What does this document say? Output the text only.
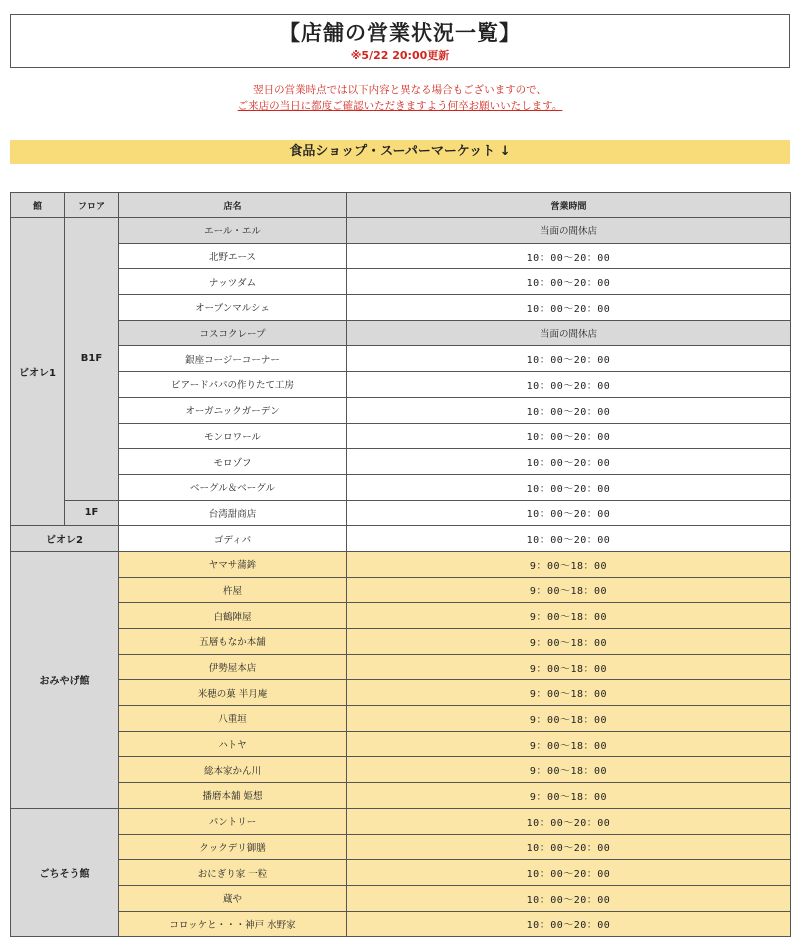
【店舗の営業状況一覧】
※5/22 20:00更新
翌日の営業時点では以下内容と異なる場合もございますので、
ご来店の当日に都度ご確認いただきますよう何卒お願いいたします。
食品ショップ・スーパーマーケット ↓
館	フロア	店名	営業時間
ビオレ1	B1F	エール・エル	当面の間休店
		北野エース	10：00～20：00
		ナッツダム	10：00～20：00
		オーブンマルシェ	10：00～20：00
		コスコクレープ	当面の間休店
		銀座コージーコーナー	10：00～20：00
		ビアードパパの作りたて工房	10：00～20：00
		オーガニックガーデン	10：00～20：00
		モンロワール	10：00～20：00
		モロゾフ	10：00～20：00
		ベーグル＆ベーグル	10：00～20：00
	1F	台湾甜商店	10：00～20：00
ビオレ2		ゴディバ	10：00～20：00
おみやげ館		ヤマサ蒲鉾	9：00～18：00
		杵屋	9：00～18：00
		白鶴陣屋	9：00～18：00
		五層もなか本舗	9：00～18：00
		伊勢屋本店	9：00～18：00
		米穂の菓 半月庵	9：00～18：00
		八重垣	9：00～18：00
		ハトヤ	9：00～18：00
		総本家かん川	9：00～18：00
		播磨本舗 姫想	9：00～18：00
ごちそう館		パントリー	10：00～20：00
		クックデリ御膳	10：00～20：00
		おにぎり家 一粒	10：00～20：00
		蔵や	10：00～20：00
		コロッケと・・・神戸 水野家	10：00～20：00
